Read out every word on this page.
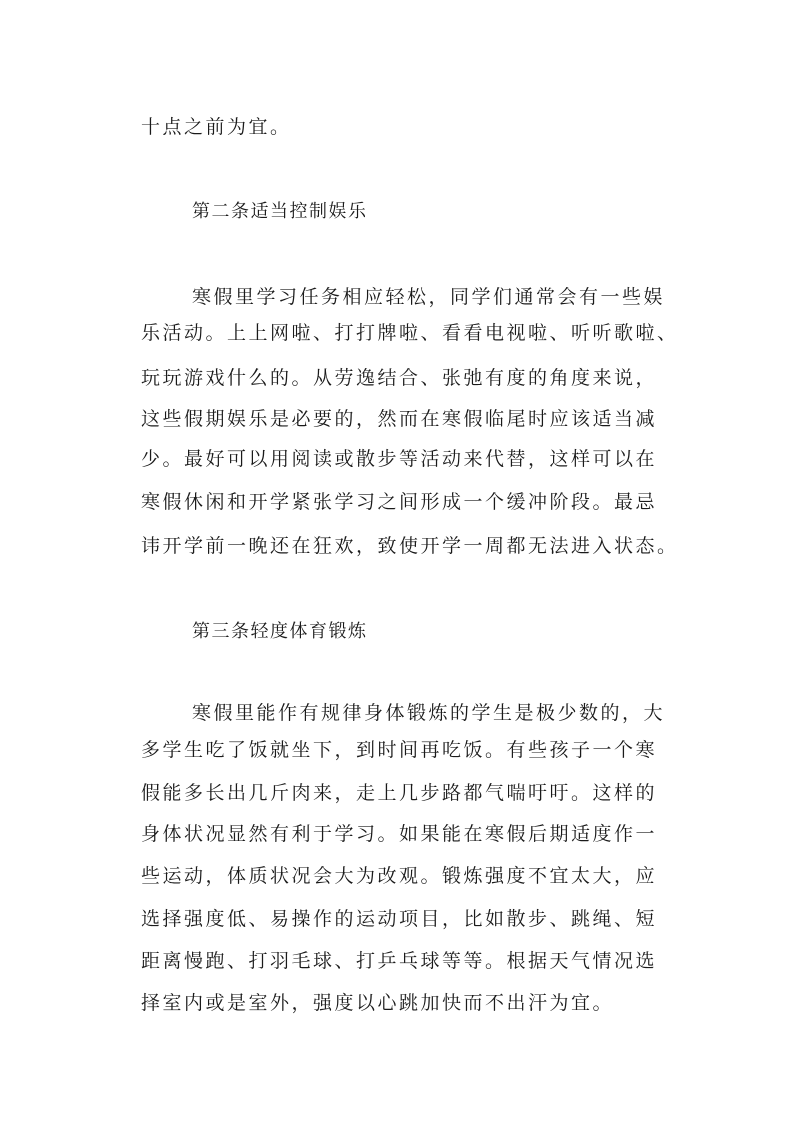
十点之前为宜。
第二条适当控制娱乐
寒假里学习任务相应轻松，同学们通常会有一些娱
乐活动。上上网啦、打打牌啦、看看电视啦、听听歌啦、
玩玩游戏什么的。从劳逸结合、张弛有度的角度来说，
这些假期娱乐是必要的，然而在寒假临尾时应该适当减
少。最好可以用阅读或散步等活动来代替，这样可以在
寒假休闲和开学紧张学习之间形成一个缓冲阶段。最忌
讳开学前一晚还在狂欢，致使开学一周都无法进入状态。
第三条轻度体育锻炼
寒假里能作有规律身体锻炼的学生是极少数的，大
多学生吃了饭就坐下，到时间再吃饭。有些孩子一个寒
假能多长出几斤肉来，走上几步路都气喘吁吁。这样的
身体状况显然有利于学习。如果能在寒假后期适度作一
些运动，体质状况会大为改观。锻炼强度不宜太大，应
选择强度低、易操作的运动项目，比如散步、跳绳、短
距离慢跑、打羽毛球、打乒乓球等等。根据天气情况选
择室内或是室外，强度以心跳加快而不出汗为宜。
